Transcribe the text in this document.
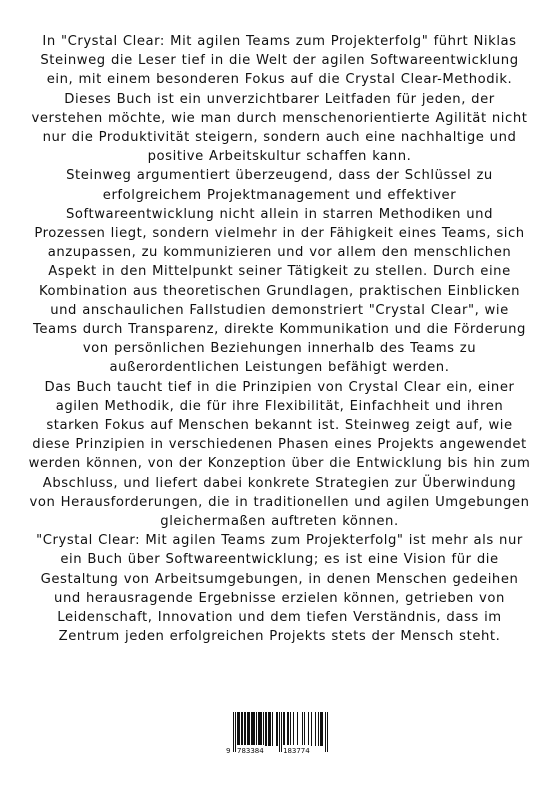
In "Crystal Clear: Mit agilen Teams zum Projekterfolg" führt Niklas Steinweg die Leser tief in die Welt der agilen Softwareentwicklung ein, mit einem besonderen Fokus auf die Crystal Clear-Methodik. Dieses Buch ist ein unverzichtbarer Leitfaden für jeden, der verstehen möchte, wie man durch menschenorientierte Agilität nicht nur die Produktivität steigern, sondern auch eine nachhaltige und positive Arbeitskultur schaffen kann.

Steinweg argumentiert überzeugend, dass der Schlüssel zu erfolgreichem Projektmanagement und effektiver Softwareentwicklung nicht allein in starren Methodiken und Prozessen liegt, sondern vielmehr in der Fähigkeit eines Teams, sich anzupassen, zu kommunizieren und vor allem den menschlichen Aspekt in den Mittelpunkt seiner Tätigkeit zu stellen. Durch eine Kombination aus theoretischen Grundlagen, praktischen Einblicken und anschaulichen Fallstudien demonstriert "Crystal Clear", wie Teams durch Transparenz, direkte Kommunikation und die Förderung von persönlichen Beziehungen innerhalb des Teams zu außerordentlichen Leistungen befähigt werden.

Das Buch taucht tief in die Prinzipien von Crystal Clear ein, einer agilen Methodik, die für ihre Flexibilität, Einfachheit und ihren starken Fokus auf Menschen bekannt ist. Steinweg zeigt auf, wie diese Prinzipien in verschiedenen Phasen eines Projekts angewendet werden können, von der Konzeption über die Entwicklung bis hin zum Abschluss, und liefert dabei konkrete Strategien zur Überwindung von Herausforderungen, die in traditionellen und agilen Umgebungen gleichermaßen auftreten können.

"Crystal Clear: Mit agilen Teams zum Projekterfolg" ist mehr als nur ein Buch über Softwareentwicklung; es ist eine Vision für die Gestaltung von Arbeitsumgebungen, in denen Menschen gedeihen und herausragende Ergebnisse erzielen können, getrieben von Leidenschaft, Innovation und dem tiefen Verständnis, dass im Zentrum jeden erfolgreichen Projekts stets der Mensch steht.

9 783384	183774
